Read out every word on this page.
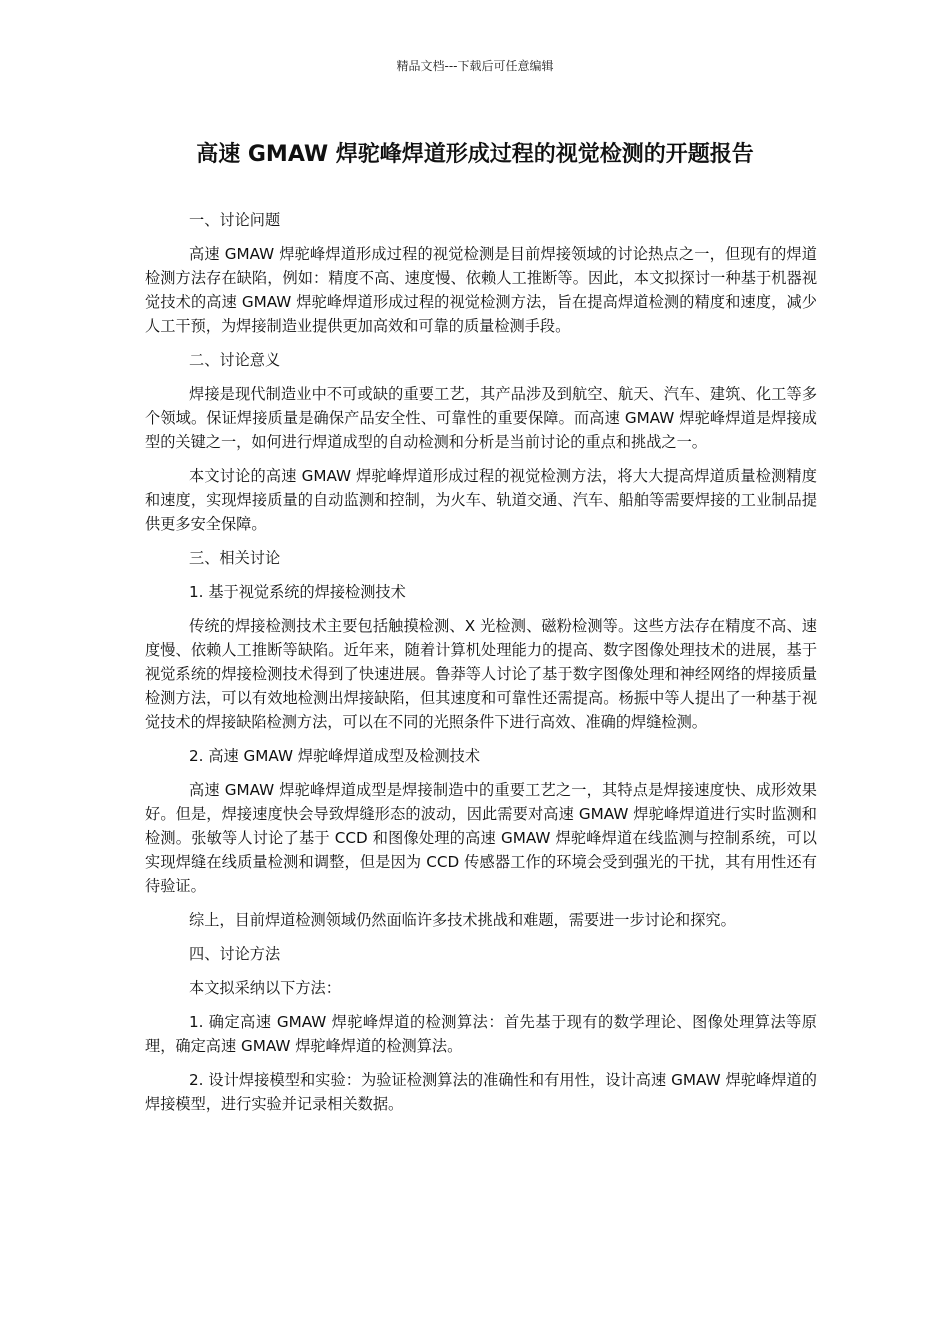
精品文档---下载后可任意编辑
高速 GMAW 焊驼峰焊道形成过程的视觉检测的开题报告

一、讨论问题

高速 GMAW 焊驼峰焊道形成过程的视觉检测是目前焊接领域的讨论热点之一，但现有的焊道检测方法存在缺陷，例如：精度不高、速度慢、依赖人工推断等。因此，本文拟探讨一种基于机器视觉技术的高速 GMAW 焊驼峰焊道形成过程的视觉检测方法，旨在提高焊道检测的精度和速度，减少人工干预，为焊接制造业提供更加高效和可靠的质量检测手段。

二、讨论意义

焊接是现代制造业中不可或缺的重要工艺，其产品涉及到航空、航天、汽车、建筑、化工等多个领域。保证焊接质量是确保产品安全性、可靠性的重要保障。而高速 GMAW 焊驼峰焊道是焊接成型的关键之一，如何进行焊道成型的自动检测和分析是当前讨论的重点和挑战之一。

本文讨论的高速 GMAW 焊驼峰焊道形成过程的视觉检测方法，将大大提高焊道质量检测精度和速度，实现焊接质量的自动监测和控制，为火车、轨道交通、汽车、船舶等需要焊接的工业制品提供更多安全保障。

三、相关讨论

1. 基于视觉系统的焊接检测技术

传统的焊接检测技术主要包括触摸检测、X 光检测、磁粉检测等。这些方法存在精度不高、速度慢、依赖人工推断等缺陷。近年来，随着计算机处理能力的提高、数字图像处理技术的进展，基于视觉系统的焊接检测技术得到了快速进展。鲁莽等人讨论了基于数字图像处理和神经网络的焊接质量检测方法，可以有效地检测出焊接缺陷，但其速度和可靠性还需提高。杨振中等人提出了一种基于视觉技术的焊接缺陷检测方法，可以在不同的光照条件下进行高效、准确的焊缝检测。

2. 高速 GMAW 焊驼峰焊道成型及检测技术

高速 GMAW 焊驼峰焊道成型是焊接制造中的重要工艺之一，其特点是焊接速度快、成形效果好。但是，焊接速度快会导致焊缝形态的波动，因此需要对高速 GMAW 焊驼峰焊道进行实时监测和检测。张敏等人讨论了基于 CCD 和图像处理的高速 GMAW 焊驼峰焊道在线监测与控制系统，可以实现焊缝在线质量检测和调整，但是因为 CCD 传感器工作的环境会受到强光的干扰，其有用性还有待验证。

综上，目前焊道检测领域仍然面临许多技术挑战和难题，需要进一步讨论和探究。

四、讨论方法

本文拟采纳以下方法：

1. 确定高速 GMAW 焊驼峰焊道的检测算法：首先基于现有的数学理论、图像处理算法等原理，确定高速 GMAW 焊驼峰焊道的检测算法。

2. 设计焊接模型和实验：为验证检测算法的准确性和有用性，设计高速 GMAW 焊驼峰焊道的焊接模型，进行实验并记录相关数据。
